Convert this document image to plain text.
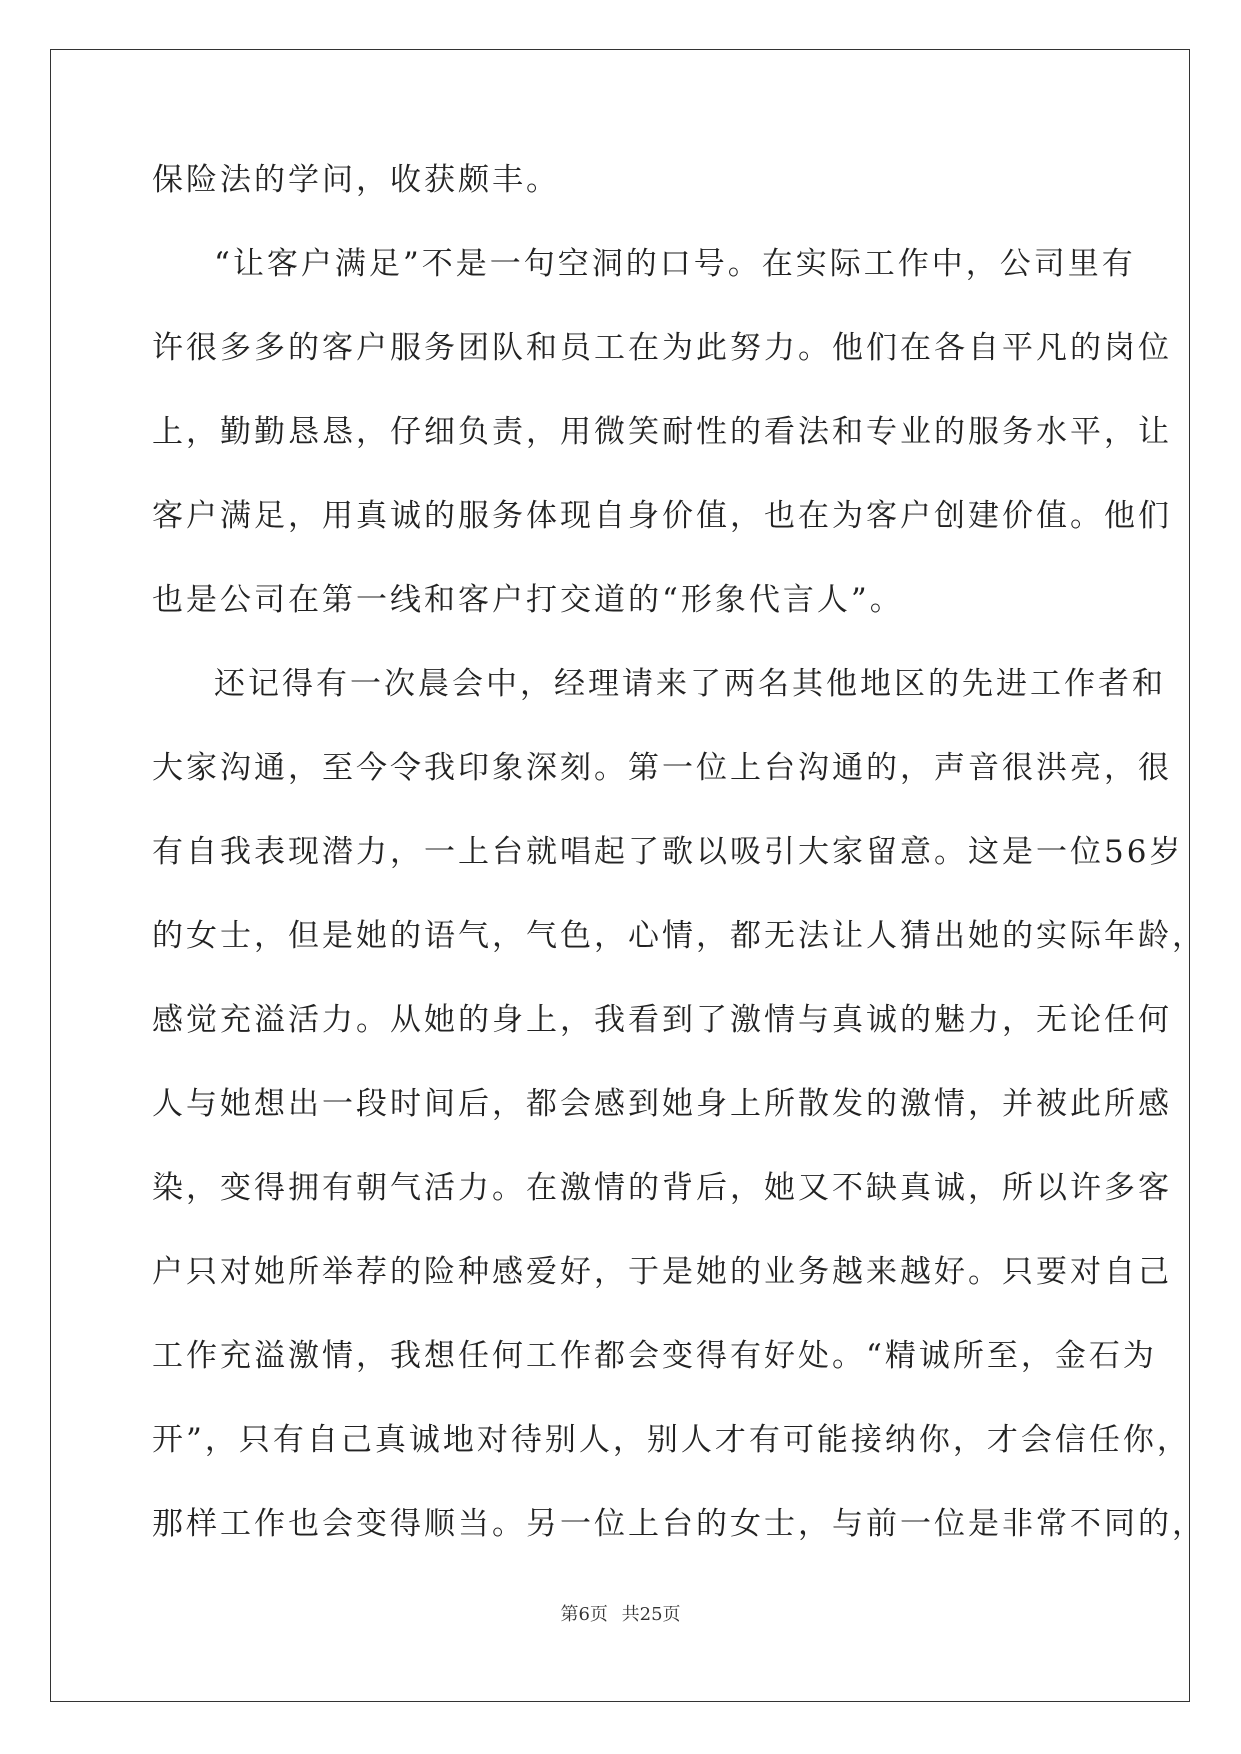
保险法的学问，收获颇丰。
“让客户满足”不是一句空洞的口号。在实际工作中，公司里有
许很多多的客户服务团队和员工在为此努力。他们在各自平凡的岗位
上，勤勤恳恳，仔细负责，用微笑耐性的看法和专业的服务水平，让
客户满足，用真诚的服务体现自身价值，也在为客户创建价值。他们
也是公司在第一线和客户打交道的“形象代言人”。
还记得有一次晨会中，经理请来了两名其他地区的先进工作者和
大家沟通，至今令我印象深刻。第一位上台沟通的，声音很洪亮，很
有自我表现潜力，一上台就唱起了歌以吸引大家留意。这是一位56岁
的女士，但是她的语气，气色，心情，都无法让人猜出她的实际年龄，
感觉充溢活力。从她的身上，我看到了激情与真诚的魅力，无论任何
人与她想出一段时间后，都会感到她身上所散发的激情，并被此所感
染，变得拥有朝气活力。在激情的背后，她又不缺真诚，所以许多客
户只对她所举荐的险种感爱好，于是她的业务越来越好。只要对自己
工作充溢激情，我想任何工作都会变得有好处。“精诚所至，金石为
开”，只有自己真诚地对待别人，别人才有可能接纳你，才会信任你，
那样工作也会变得顺当。另一位上台的女士，与前一位是非常不同的，
第6页 共25页
